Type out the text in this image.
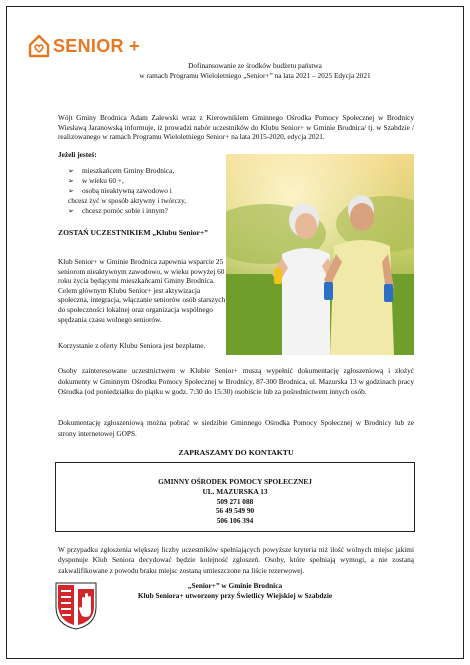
SENIOR +
Dofinansowanie ze środków budżetu państwa
w ramach Programu Wieloletniego „Senior+” na lata 2021 – 2025 Edycja 2021
Wójt Gminy Brodnica Adam Zalewski wraz z Kierownikiem Gminnego Ośrodka Pomocy Społecznej w Brodnicy Wiesławą Jaranowską informuje, iż prowadzi nabór uczestników do Klubu Senior+ w Gminie Brodnica/ tj. w Szabdzie / realizowanego w ramach Programu Wieloletniego Senior+ na lata 2015-2020, edycja 2021.
Jeżeli jesteś:
➢	mieszkańcem Gminy Brodnica,
➢	w wieku 60 +,
➢	osobą nieaktywną zawodowo i
chcesz żyć w sposób aktywny i twórczy,
➢	chcesz pomóc sobie i innym?
ZOSTAŃ UCZESTNIKIEM „Klubu Senior+”
Klub Senior+ w Gminie Brodnica zapewnia wsparcie 25 seniorom nieaktywnym zawodowo, w wieku powyżej 60 roku życia będącymi mieszkańcami Gminy Brodnica.
Celem głównym Klubu Senior+ jest aktywizacja społeczna, integracja, włączanie seniorów osób starszych do społeczności lokalnej oraz organizacja wspólnego spędzania czasu wolnego seniorów.
Korzystanie z oferty Klubu Seniora jest bezpłatne.
Osoby zainteresowane uczestnictwem w Klubie Senior+ muszą wypełnić dokumentację zgłoszeniową i złożyć dokumenty w Gminnym Ośrodku Pomocy Społecznej w Brodnicy, 87-300 Brodnica, ul. Mazurska 13 w godzinach pracy Ośrodka (od poniedziałku do piątku w godz. 7:30 do 15:30) osobiście lub za pośrednictwem innych osób.
Dokumentację zgłoszeniową można pobrać w siedzibie Gminnego Ośrodka Pomocy Społecznej w Brodnicy lub ze strony internetowej GOPS.
ZAPRASZAMY DO KONTAKTU
GMINNY OŚRODEK POMOCY SPOŁECZNEJ
UL. MAZURSKA 13
509 271 088
56 49 549 90
506 106 394
W przypadku zgłoszenia większej liczby uczestników spełniających powyższe kryteria niż ilość wolnych miejsc jakimi dysponuje Klub Seniora decydować będzie kolejność zgłoszeń. Osoby, które spełniają wymogi, a nie zostaną zakwalifikowane z powodu braku miejsc zostaną umieszczone na liście rezerwowej.
„Senior+” w Gminie Brodnica
Klub Seniora+ utworzony przy Świetlicy Wiejskiej w Szabdzie
